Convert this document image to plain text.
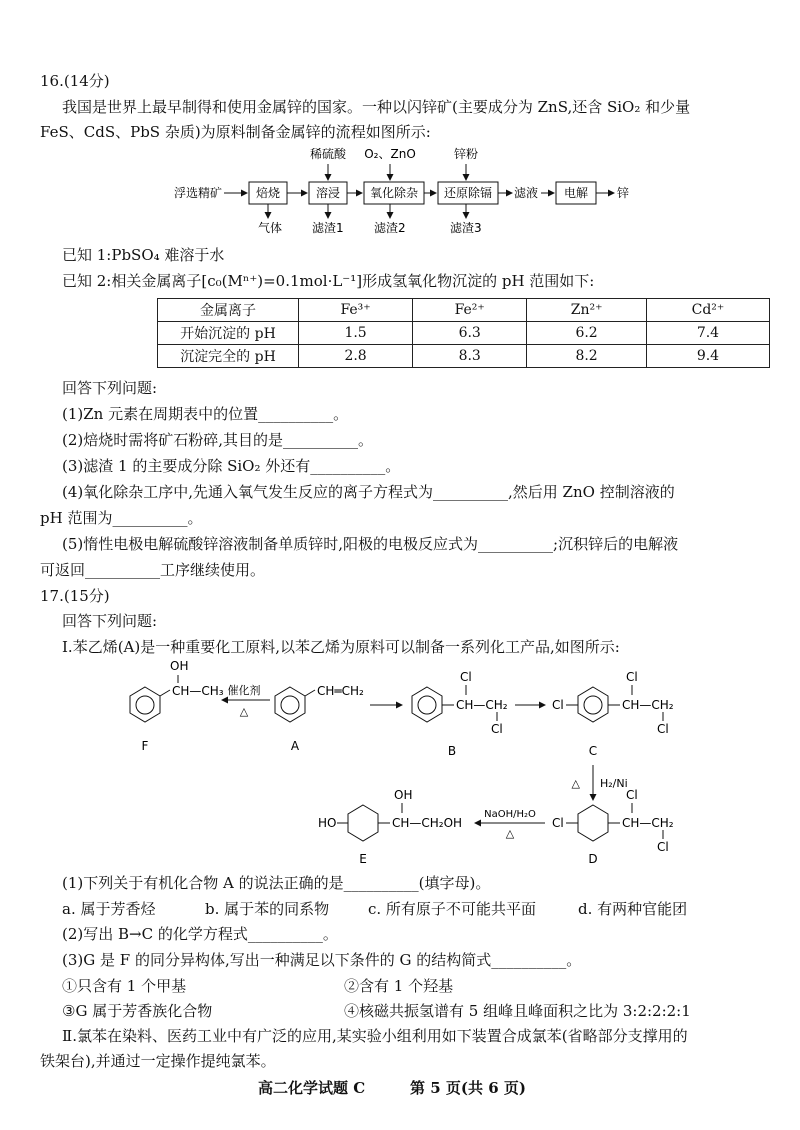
16.(14分)
我国是世界上最早制得和使用金属锌的国家。一种以闪锌矿(主要成分为 ZnS,还含 SiO₂ 和少量
FeS、CdS、PbS 杂质)为原料制备金属锌的流程如图所示:
浮选精矿	焙烧
气体
溶浸
稀硫酸
滤渣1
氧化除杂
O₂、ZnO
滤渣2
还原除镉
锌粉
滤渣3
滤液 电解 锌
已知 1:PbSO₄ 难溶于水
已知 2:相关金属离子[c₀(Mⁿ⁺)=0.1mol·L⁻¹]形成氢氧化物沉淀的 pH 范围如下:
金属离子	Fe³⁺	Fe²⁺	Zn²⁺	Cd²⁺
开始沉淀的 pH	1.5	6.3	6.2	7.4
沉淀完全的 pH	2.8	8.3	8.2	9.4
回答下列问题:
(1)Zn 元素在周期表中的位置__________。
(2)焙烧时需将矿石粉碎,其目的是__________。
(3)滤渣 1 的主要成分除 SiO₂ 外还有__________。
(4)氧化除杂工序中,先通入氧气发生反应的离子方程式为__________,然后用 ZnO 控制溶液的
pH 范围为__________。
(5)惰性电极电解硫酸锌溶液制备单质锌时,阳极的电极反应式为__________;沉积锌后的电解液
可返回__________工序继续使用。
17.(15分)
回答下列问题:
Ⅰ.苯乙烯(A)是一种重要化工原料,以苯乙烯为原料可以制备一系列化工产品,如图所示:
CH—CH₃
OH
F
催化剂
△
CH═CH₂
A
CH—CH₂
Cl
Cl
B
Cl	CH—CH₂
Cl
Cl
C
△ H₂/Ni
Cl	CH—CH₂
Cl
Cl
D
NaOH/H₂O
△
HO	CH—CH₂OH
OH
E
(1)下列关于有机化合物 A 的说法正确的是__________(填字母)。
a. 属于芳香烃	b. 属于苯的同系物	c. 所有原子不可能共平面	d. 有两种官能团
(2)写出 B→C 的化学方程式__________。
(3)G 是 F 的同分异构体,写出一种满足以下条件的 G 的结构简式__________。
①只含有 1 个甲基	②含有 1 个羟基
③G 属于芳香族化合物	④核磁共振氢谱有 5 组峰且峰面积之比为 3:2:2:2:1
Ⅱ.氯苯在染料、医药工业中有广泛的应用,某实验小组利用如下装置合成氯苯(省略部分支撑用的
铁架台),并通过一定操作提纯氯苯。
高二化学试题 C	第 5 页(共 6 页)
